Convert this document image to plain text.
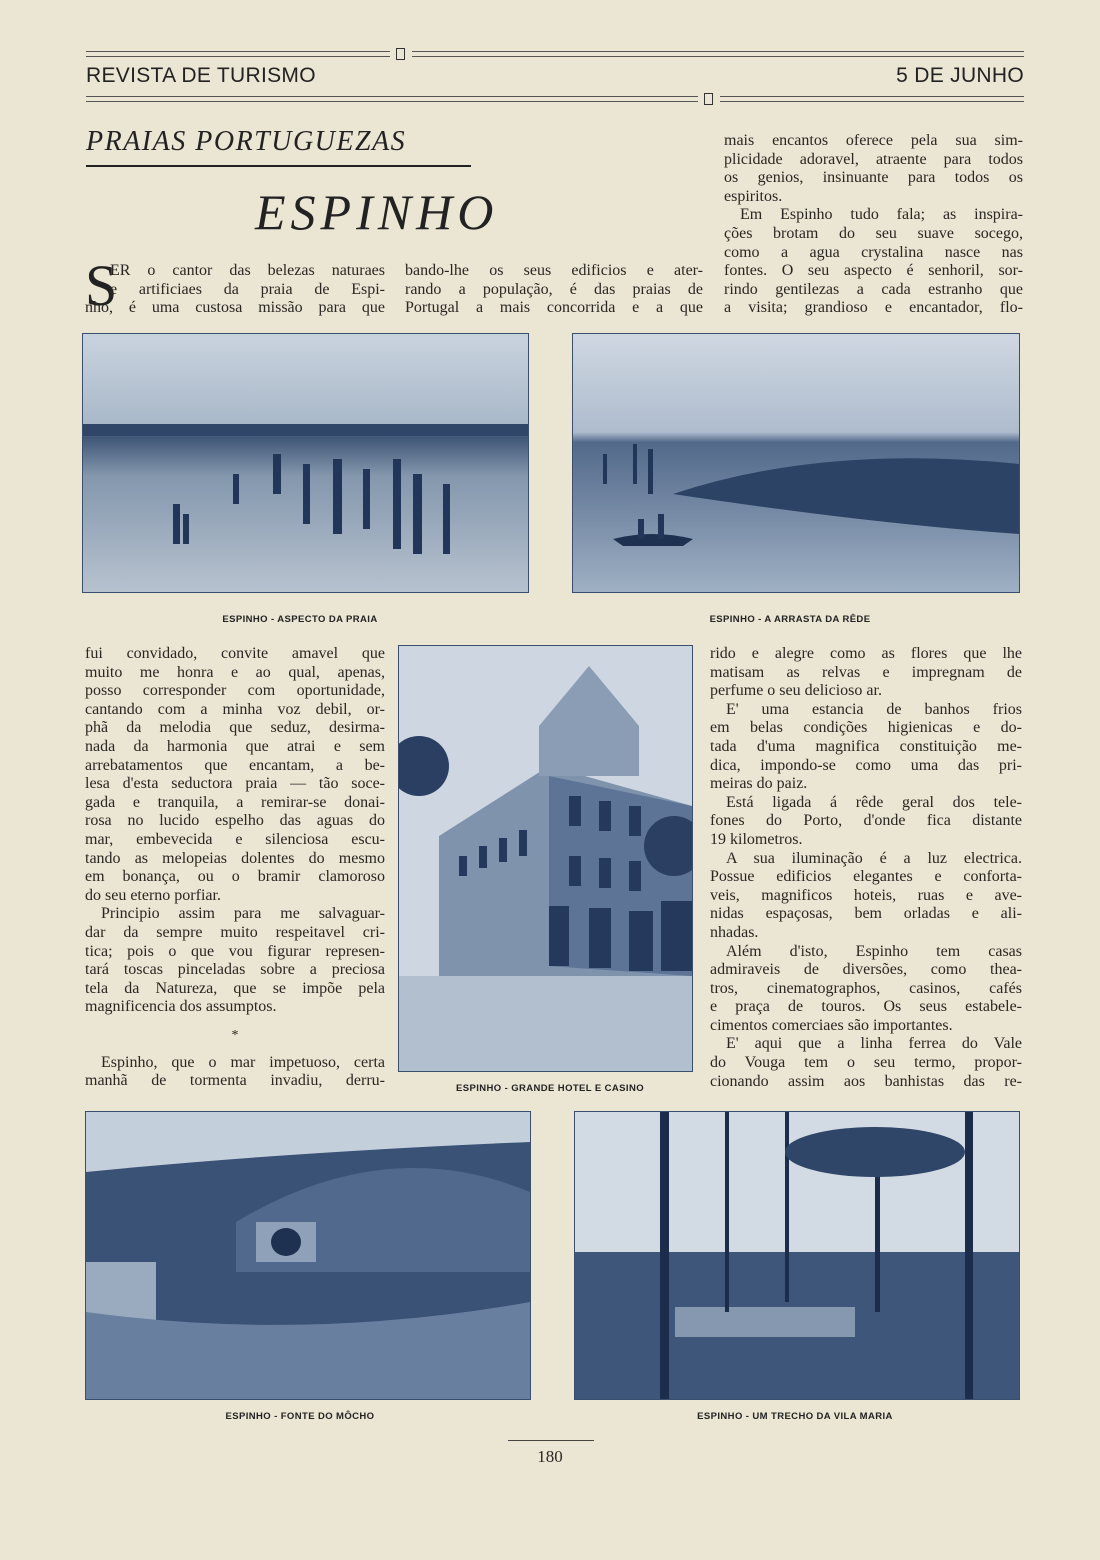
REVISTA DE TURISMO	5 DE JUNHO
PRAIAS PORTUGUEZAS
ESPINHO
S
ER o cantor das belezas naturaes
e artificiaes da praia de Espi-
nho, é uma custosa missão para que
bando-lhe os seus edificios e ater-
rando a população, é das praias de
Portugal a mais concorrida e a que
mais encantos oferece pela sua sim-
plicidade adoravel, atraente para todos
os genios, insinuante para todos os
espiritos.
Em Espinho tudo fala; as inspira-
ções brotam do seu suave socego,
como a agua crystalina nasce nas
fontes. O seu aspecto é senhoril, sor-
rindo gentilezas a cada estranho que
a visita; grandioso e encantador, flo-
fui convidado, convite amavel que
muito me honra e ao qual, apenas,
posso corresponder com oportunidade,
cantando com a minha voz debil, or-
phã da melodia que seduz, desirma-
nada da harmonia que atrai e sem
arrebatamentos que encantam, a be-
lesa d'esta seductora praia — tão soce-
gada e tranquila, a remirar-se donai-
rosa no lucido espelho das aguas do
mar, embevecida e silenciosa escu-
tando as melopeias dolentes do mesmo
em bonança, ou o bramir clamoroso
do seu eterno porfiar.
Principio assim para me salvaguar-
dar da sempre muito respeitavel cri-
tica; pois o que vou figurar represen-
tará toscas pinceladas sobre a preciosa
tela da Natureza, que se impõe pela
magnificencia dos assumptos.
*
Espinho, que o mar impetuoso, certa
manhã de tormenta invadiu, derru-
rido e alegre como as flores que lhe
matisam as relvas e impregnam de
perfume o seu delicioso ar.
E' uma estancia de banhos frios
em belas condições higienicas e do-
tada d'uma magnifica constituição me-
dica, impondo-se como uma das pri-
meiras do paiz.
Está ligada á rêde geral dos tele-
fones do Porto, d'onde fica distante
19 kilometros.
A sua iluminação é a luz electrica.
Possue edificios elegantes e conforta-
veis, magnificos hoteis, ruas e ave-
nidas espaçosas, bem orladas e ali-
nhadas.
Além d'isto, Espinho tem casas
admiraveis de diversões, como thea-
tros, cinematographos, casinos, cafés
e praça de touros. Os seus estabele-
cimentos comerciaes são importantes.
E' aqui que a linha ferrea do Vale
do Vouga tem o seu termo, propor-
cionando assim aos banhistas das re-
ESPINHO - ASPECTO DA PRAIA	ESPINHO - A ARRASTA DA RÊDE
ESPINHO - GRANDE HOTEL E CASINO
ESPINHO - FONTE DO MÔCHO	ESPINHO - UM TRECHO DA VILA MARIA
180
